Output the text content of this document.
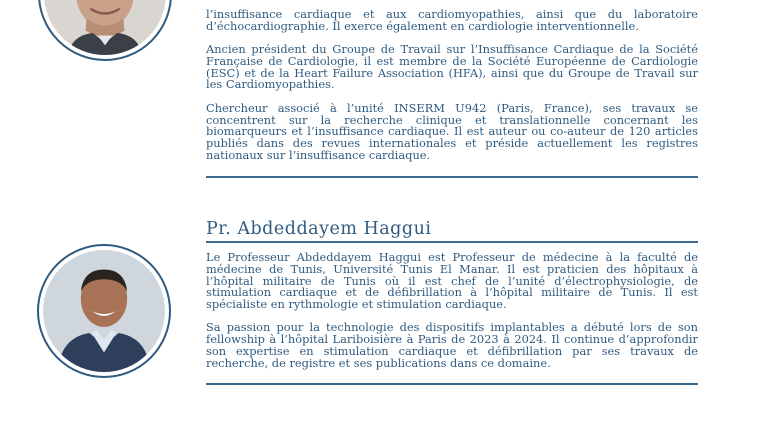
l’insuffisance cardiaque et aux cardiomyopathies, ainsi que du laboratoire d’échocardiographie. Il exerce également en cardiologie interventionnelle.

Ancien président du Groupe de Travail sur l’Insuffisance Cardiaque de la Société Française de Cardiologie, il est membre de la Société Européenne de Cardiologie (ESC) et de la Heart Failure Association (HFA), ainsi que du Groupe de Travail sur les Cardiomyopathies.

Chercheur associé à l’unité INSERM U942 (Paris, France), ses travaux se concentrent sur la recherche clinique et translationnelle concernant les biomarqueurs et l’insuffisance cardiaque. Il est auteur ou co-auteur de 120 articles publiés dans des revues internationales et préside actuellement les registres nationaux sur l’insuffisance cardiaque.

Pr. Abdeddayem Haggui

Le Professeur Abdeddayem Haggui est Professeur de médecine à la faculté de médecine de Tunis, Université Tunis El Manar. Il est praticien des hôpitaux à l’hôpital militaire de Tunis où il est chef de l’unité d’électrophysiologie, de stimulation cardiaque et de défibrillation à l’hôpital militaire de Tunis. Il est spécialiste en rythmologie et stimulation cardiaque.

Sa passion pour la technologie des dispositifs implantables a débuté lors de son fellowship à l’hôpital Lariboisière à Paris de 2023 à 2024. Il continue d’approfondir son expertise en stimulation cardiaque et défibrillation par ses travaux de recherche, de registre et ses publications dans ce domaine.
